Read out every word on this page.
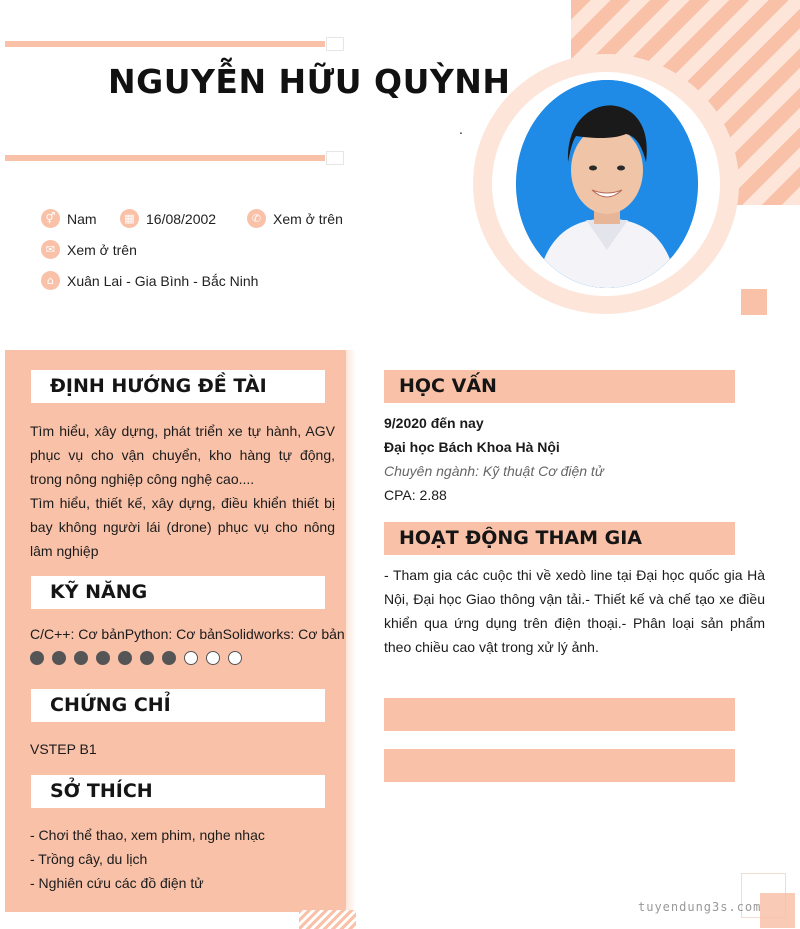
NGUYỄN HỮU QUỲNH
.
⚥ Nam	▦ 16/08/2002	✆ Xem ở trên
✉ Xem ở trên
⌂ Xuân Lai - Gia Bình - Bắc Ninh
ĐỊNH HƯỚNG ĐỀ TÀI
Tìm hiểu, xây dựng, phát triển xe tự hành, AGV phục vụ cho vận chuyển, kho hàng tự động, trong nông nghiệp công nghệ cao....
Tìm hiểu, thiết kế, xây dựng, điều khiển thiết bị bay không người lái (drone) phục vụ cho nông lâm nghiệp
KỸ NĂNG
C/C++: Cơ bảnPython: Cơ bảnSolidworks: Cơ bản
CHỨNG CHỈ
VSTEP B1
SỞ THÍCH
- Chơi thể thao, xem phim, nghe nhạc
- Trồng cây, du lịch
- Nghiên cứu các đồ điện tử
HỌC VẤN
9/2020 đến nay
Đại học Bách Khoa Hà Nội
Chuyên ngành: Kỹ thuật Cơ điện tử
CPA: 2.88
HOẠT ĐỘNG THAM GIA
- Tham gia các cuộc thi về xedò line tại Đại học quốc gia Hà Nội, Đại học Giao thông vận tải.- Thiết kế và chế tạo xe điều khiển qua ứng dụng trên điện thoại.- Phân loại sản phẩm theo chiều cao vật trong xử lý ảnh.
tuyendung3s.com
